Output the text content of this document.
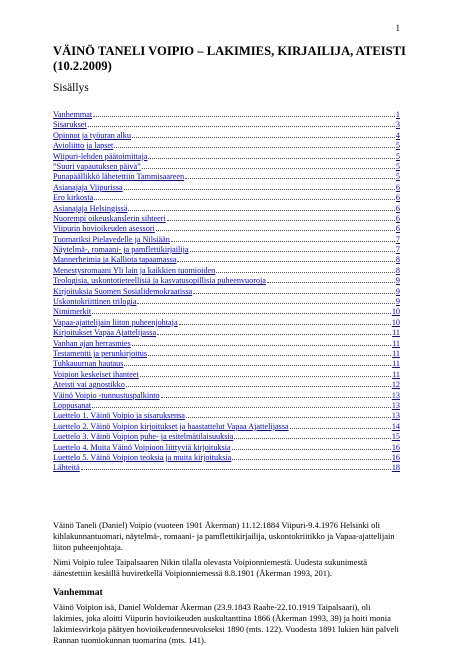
1
VÄINÖ TANELI VOIPIO – LAKIMIES, KIRJAILIJA, ATEISTI (10.2.2009)
Sisällys
Vanhemmat	1
Sisarukset	3
Opinnot ja työuran alku	4
Avioliitto ja lapset	5
Wiipuri-lehden päätoimittaja	5
”Suuri vapautuksen päivä”	5
Punapäällikkö lähetettiin Tammisaareen	5
Asianajaja Viipurissa	6
Ero kirkosta	6
Asianajaja Helsingissä	6
Nuorempi oikeuskanslerin sihteeri	6
Viipurin hovioikeuden asessori	6
Tuomariksi Pielavedelle ja Nilsiään	7
Näytelmä-, romaani- ja pamflettikirjailija	7
Mannerheimia ja Kalliota tapaamassa	8
Menestysromaani Yli lain ja kaikkien tuomioiden	8
Teologisia, uskontotieteellisiä ja kasvatusopillisia puheenvuoroja	9
Kirjoituksia Suomen Sosialidemokraatissa	9
Uskontokriittinen trilogia	9
Nimimerkit	10
Vapaa-ajattelijain liiton puheenjohtaja	10
Kirjoitukset Vapaa Ajattelijassa	11
Vanhan ajan herrasmies	11
Testamentti ja perunkirjoitus	11
Tuhkauurnan hautaus	11
Voipion keskeiset ihanteet	11
Ateisti vai agnostikko	12
Väinö Voipio -tunnustuspalkinto	13
Loppusanat	13
Luettelo 1. Väinö Voipio ja sisaruksensa	13
Luettelo 2. Väinö Voipion kirjoitukset ja haastattelut Vapaa Ajattelijassa	14
Luettelo 3. Väinö Voipion puhe- ja esitelmätilaisuuksia	15
Luettelo 4. Muita Väinö Voipioon liittyviä kirjoituksia	16
Luettelo 5. Väinö Voipion teoksia ja muita kirjoituksia	16
Lähteitä	18

Väinö Taneli (Daniel) Voipio (vuoteen 1901 Åkerman) 11.12.1884 Viipuri-9.4.1976 Helsinki oli kihlakunnantuomari, näytelmä-, romaani- ja pamflettikirjailija, uskontokriitikko ja Vapaa-ajattelijain liiton puheenjohtaja.

Nimi Voipio tulee Taipalsaaren Nikin tilalla olevasta Voipionniemestä. Uudesta sukunimestä äänestettiin kesäillä huviretkellä Voipionniemessä 8.8.1901 (Åkerman 1993, 201).

Vanhemmat

Väinö Voipion isä, Daniel Woldemar Åkerman (23.9.1843 Raahe-22.10.1919 Taipalsaari), oli lakimies, joka aloitti Viipurin hovioikeuden auskultanttina 1866 (Åkerman 1993, 39) ja hoiti monia lakimiesvirkoja päätyen hovioikeudenneuvokseksi 1890 (mts. 122). Vuodesta 1891 lukien hän palveli Rannan tuomiokunnan tuomarina (mts. 141).
